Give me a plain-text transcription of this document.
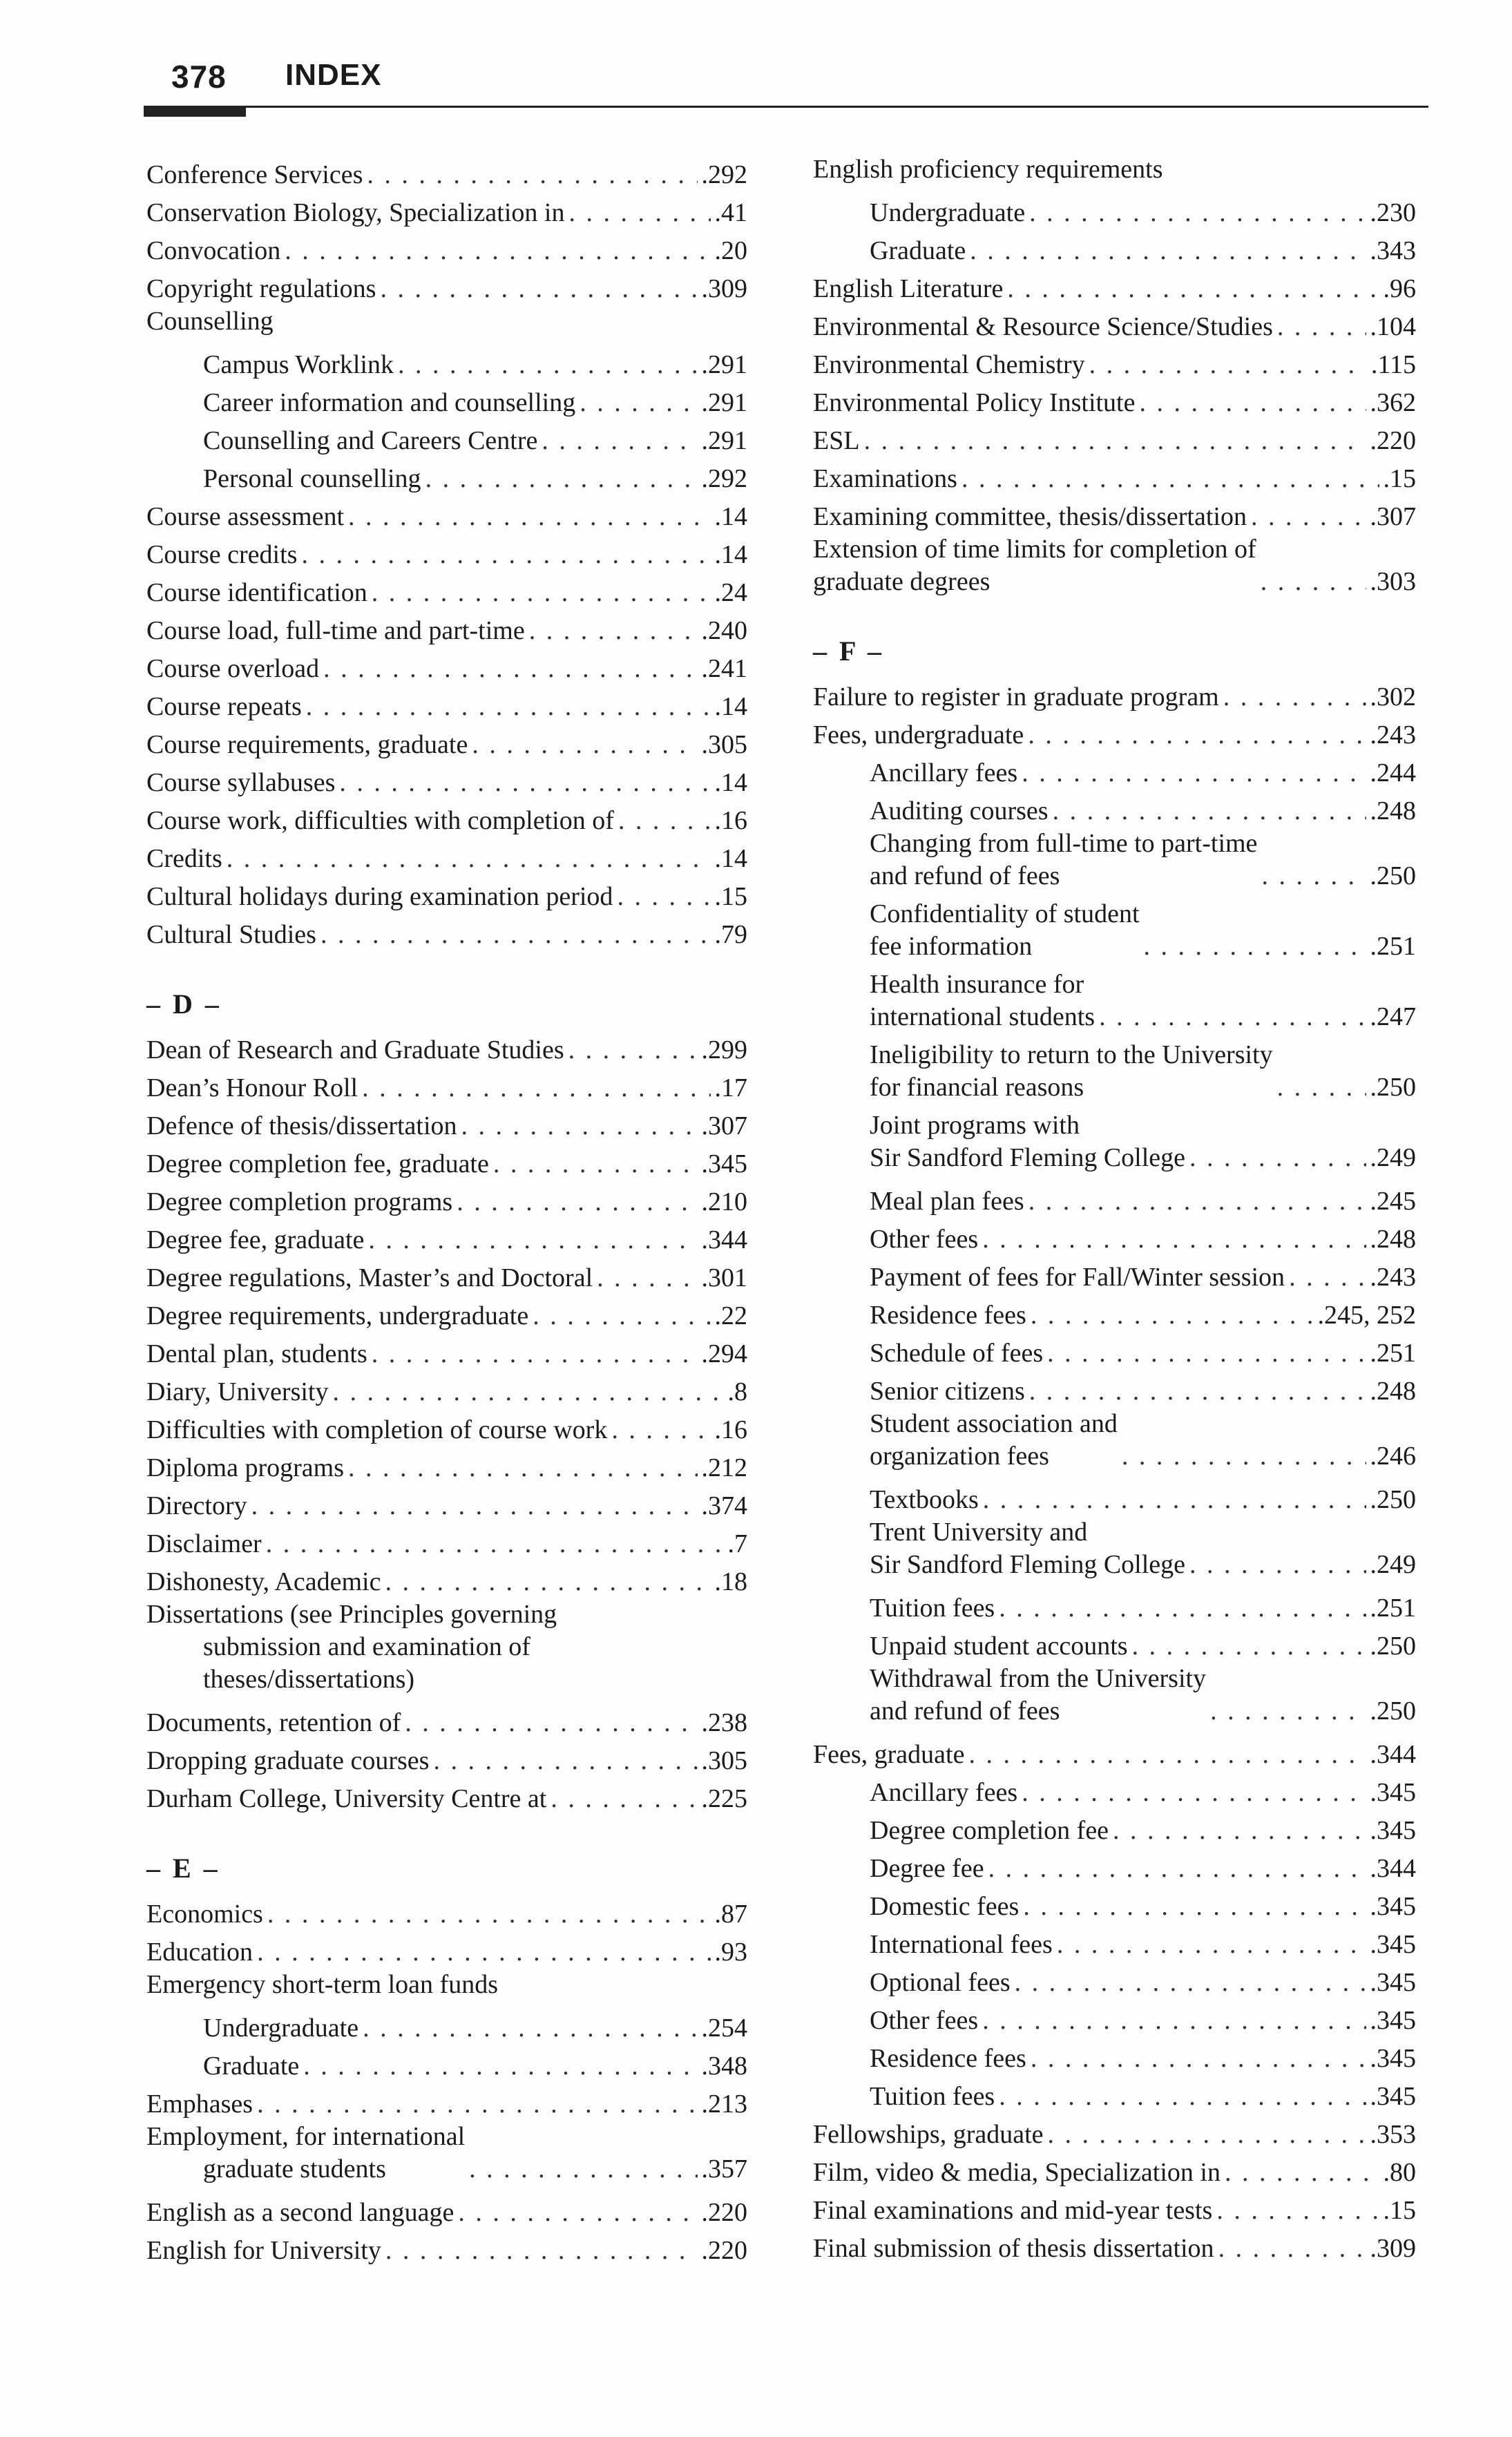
378 INDEX
Conference Services . . .	.292
Conservation Biology, Specialization in . . .	.41
Convocation . . .	.20
Copyright regulations . . .	.309
Counselling
Campus Worklink . . .	.291
Career information and counselling . . .	.291
Counselling and Careers Centre . . .	.291
Personal counselling . . .	.292
Course assessment . . .	.14
Course credits . . .	.14
Course identification . . .	.24
Course load, full-time and part-time . . .	.240
Course overload . . .	.241
Course repeats . . .	.14
Course requirements, graduate . . .	.305
Course syllabuses . . .	.14
Course work, difficulties with completion of . . .	.16
Credits . . .	.14
Cultural holidays during examination period . . .	.15
Cultural Studies . . .	.79
– D –
Dean of Research and Graduate Studies . . .	.299
Dean’s Honour Roll . . .	.17
Defence of thesis/dissertation . . .	.307
Degree completion fee, graduate . . .	.345
Degree completion programs . . .	.210
Degree fee, graduate . . .	.344
Degree regulations, Master’s and Doctoral . . .	.301
Degree requirements, undergraduate . . .	.22
Dental plan, students . . .	.294
Diary, University . . .	.8
Difficulties with completion of course work . . .	.16
Diploma programs . . .	.212
Directory . . .	.374
Disclaimer . . .	.7
Dishonesty, Academic . . .	.18
Dissertations (see Principles governing
submission and examination of
theses/dissertations)
Documents, retention of . . .	.238
Dropping graduate courses . . .	.305
Durham College, University Centre at . . .	.225
– E –
Economics . . .	.87
Education . . .	.93
Emergency short-term loan funds
Undergraduate . . .	.254
Graduate . . .	.348
Emphases . . .	.213
Employment, for international
graduate students . . .	.357
English as a second language . . .	.220
English for University . . .	.220
English proficiency requirements
Undergraduate . . .	.230
Graduate . . .	.343
English Literature . . .	.96
Environmental & Resource Science/Studies . . .	.104
Environmental Chemistry . . .	.115
Environmental Policy Institute . . .	.362
ESL . . .	.220
Examinations . . .	.15
Examining committee, thesis/dissertation . . .	.307
Extension of time limits for completion of
graduate degrees . . .	.303
– F –
Failure to register in graduate program . . .	.302
Fees, undergraduate . . .	.243
Ancillary fees . . .	.244
Auditing courses . . .	.248
Changing from full-time to part-time
and refund of fees . . .	.250
Confidentiality of student
fee information . . .	.251
Health insurance for
international students . . .	.247
Ineligibility to return to the University
for financial reasons . . .	.250
Joint programs with
Sir Sandford Fleming College . . .	.249
Meal plan fees . . .	.245
Other fees . . .	.248
Payment of fees for Fall/Winter session . . .	.243
Residence fees . . .	.245, 252
Schedule of fees . . .	.251
Senior citizens . . .	.248
Student association and
organization fees . . .	.246
Textbooks . . .	.250
Trent University and
Sir Sandford Fleming College . . .	.249
Tuition fees . . .	.251
Unpaid student accounts . . .	.250
Withdrawal from the University
and refund of fees . . .	.250
Fees, graduate . . .	.344
Ancillary fees . . .	.345
Degree completion fee . . .	.345
Degree fee . . .	.344
Domestic fees . . .	.345
International fees . . .	.345
Optional fees . . .	.345
Other fees . . .	.345
Residence fees . . .	.345
Tuition fees . . .	.345
Fellowships, graduate . . .	.353
Film, video & media, Specialization in . . .	.80
Final examinations and mid-year tests . . .	.15
Final submission of thesis dissertation . . .	.309
